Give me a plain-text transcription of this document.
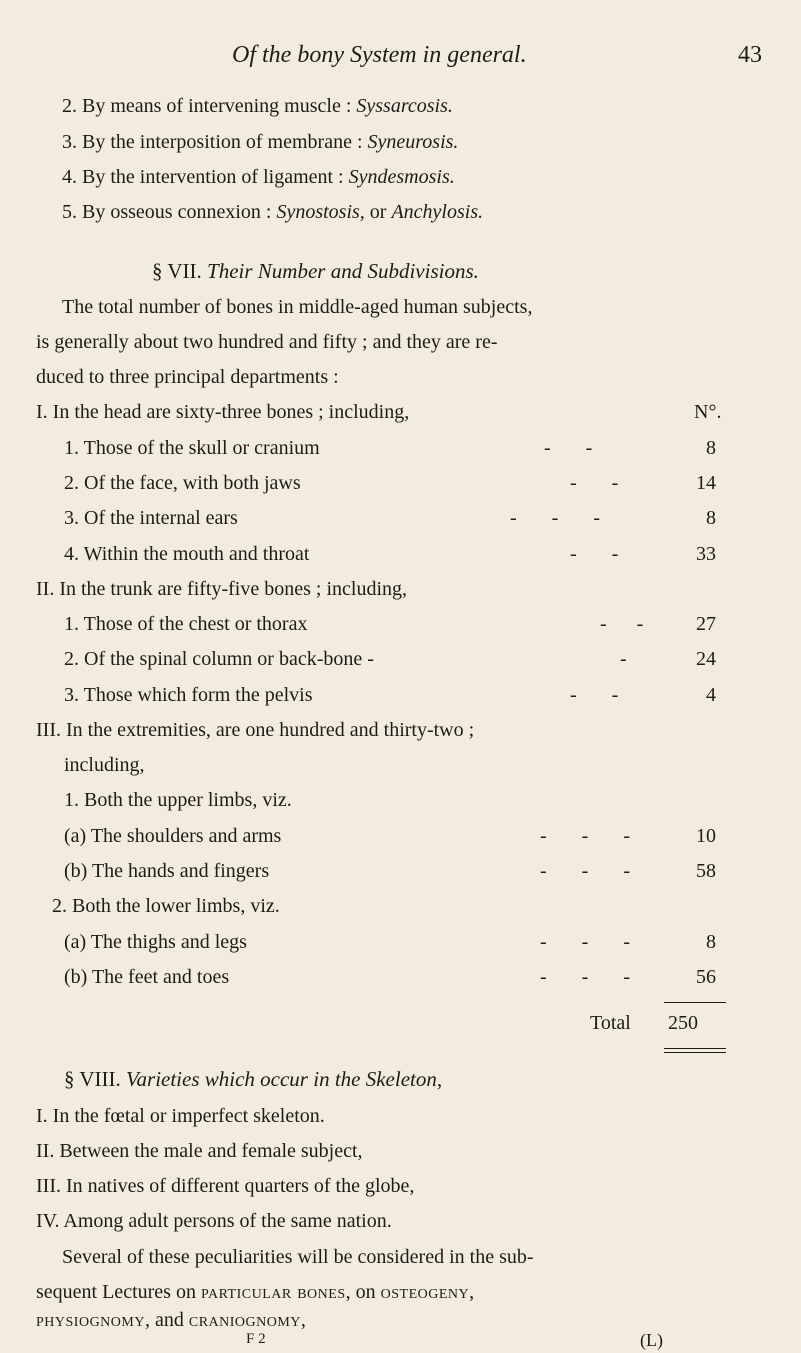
Of the bony System in general.	43
2. By means of intervening muscle : Syssarcosis.
3. By the interposition of membrane : Syneurosis.
4. By the intervention of ligament : Syndesmosis.
5. By osseous connexion : Synostosis, or Anchylosis.
§ VII. Their Number and Subdivisions.
The total number of bones in middle-aged human subjects,
is generally about two hundred and fifty ; and they are re-
duced to three principal departments :
I. In the head are sixty-three bones ; including,	N°.
1. Those of the skull or cranium	-       -	8
2. Of the face, with both jaws	-       -	14
3. Of the internal ears	-       -       -	8
4. Within the mouth and throat	-       -	33
II. In the trunk are fifty-five bones ; including,
1. Those of the chest or thorax	-      -	27
2. Of the spinal column or back-bone -	-	24
3. Those which form the pelvis	-       -	4
III. In the extremities, are one hundred and thirty-two ;
including,
1. Both the upper limbs, viz.
(a) The shoulders and arms	-       -       -	10
(b) The hands and fingers	-       -       -	58
2. Both the lower limbs, viz.
(a) The thighs and legs	-       -       -	8
(b) The feet and toes	-       -       -	56
Total 250
§ VIII. Varieties which occur in the Skeleton,
I. In the fœtal or imperfect skeleton.
II. Between the male and female subject,
III. In natives of different quarters of the globe,
IV. Among adult persons of the same nation.
Several of these peculiarities will be considered in the sub-
sequent Lectures on particular bones, on osteogeny,
physiognomy, and craniognomy,
F 2	(L)
